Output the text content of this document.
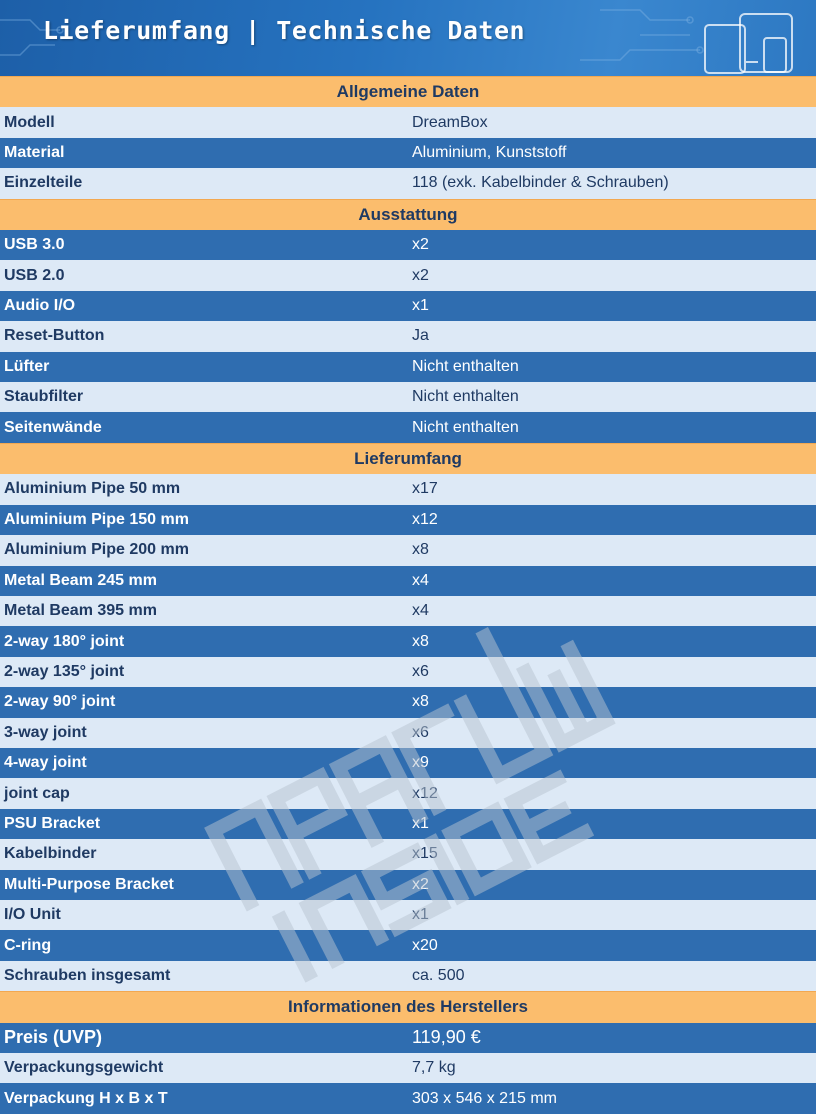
Lieferumfang | Technische Daten
Allgemeine Daten	
Modell	DreamBox
Material	Aluminium, Kunststoff
Einzelteile	118 (exk. Kabelbinder & Schrauben)
Ausstattung	
USB 3.0	x2
USB 2.0	x2
Audio I/O	x1
Reset-Button	Ja
Lüfter	Nicht enthalten
Staubfilter	Nicht enthalten
Seitenwände	Nicht enthalten
Lieferumfang	
Aluminium Pipe 50 mm	x17
Aluminium Pipe 150 mm	x12
Aluminium Pipe 200 mm	x8
Metal Beam 245 mm	x4
Metal Beam 395 mm	x4
2-way 180° joint	x8
2-way 135° joint	x6
2-way 90° joint	x8
3-way joint	x6
4-way joint	x9
joint cap	x12
PSU Bracket	x1
Kabelbinder	x15
Multi-Purpose Bracket	x2
I/O Unit	x1
C-ring	x20
Schrauben insgesamt	ca. 500
Informationen des Herstellers	
Preis (UVP)	119,90 €
Verpackungsgewicht	7,7 kg
Verpackung H x B x T	303 x 546 x 215 mm
